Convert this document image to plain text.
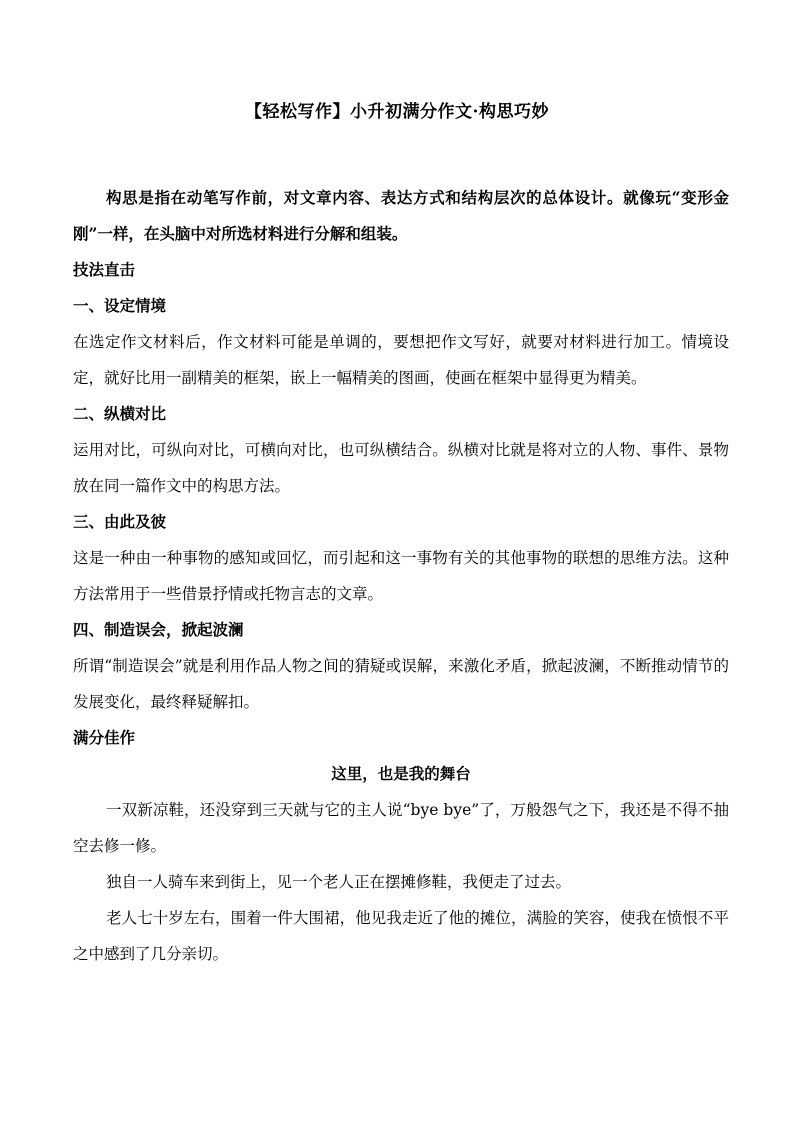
【轻松写作】小升初满分作文·构思巧妙

构思是指在动笔写作前，对文章内容、表达方式和结构层次的总体设计。就像玩“变形金刚”一样，在头脑中对所选材料进行分解和组装。

技法直击

一、设定情境

在选定作文材料后，作文材料可能是单调的，要想把作文写好，就要对材料进行加工。情境设定，就好比用一副精美的框架，嵌上一幅精美的图画，使画在框架中显得更为精美。

二、纵横对比

运用对比，可纵向对比，可横向对比，也可纵横结合。纵横对比就是将对立的人物、事件、景物放在同一篇作文中的构思方法。

三、由此及彼

这是一种由一种事物的感知或回忆，而引起和这一事物有关的其他事物的联想的思维方法。这种方法常用于一些借景抒情或托物言志的文章。

四、制造误会，掀起波澜

所谓“制造误会”就是利用作品人物之间的猜疑或误解，来激化矛盾，掀起波澜，不断推动情节的发展变化，最终释疑解扣。

满分佳作

这里，也是我的舞台

一双新凉鞋，还没穿到三天就与它的主人说“bye bye”了，万般怨气之下，我还是不得不抽空去修一修。

独自一人骑车来到街上，见一个老人正在摆摊修鞋，我便走了过去。

老人七十岁左右，围着一件大围裙，他见我走近了他的摊位，满脸的笑容，使我在愤恨不平之中感到了几分亲切。
